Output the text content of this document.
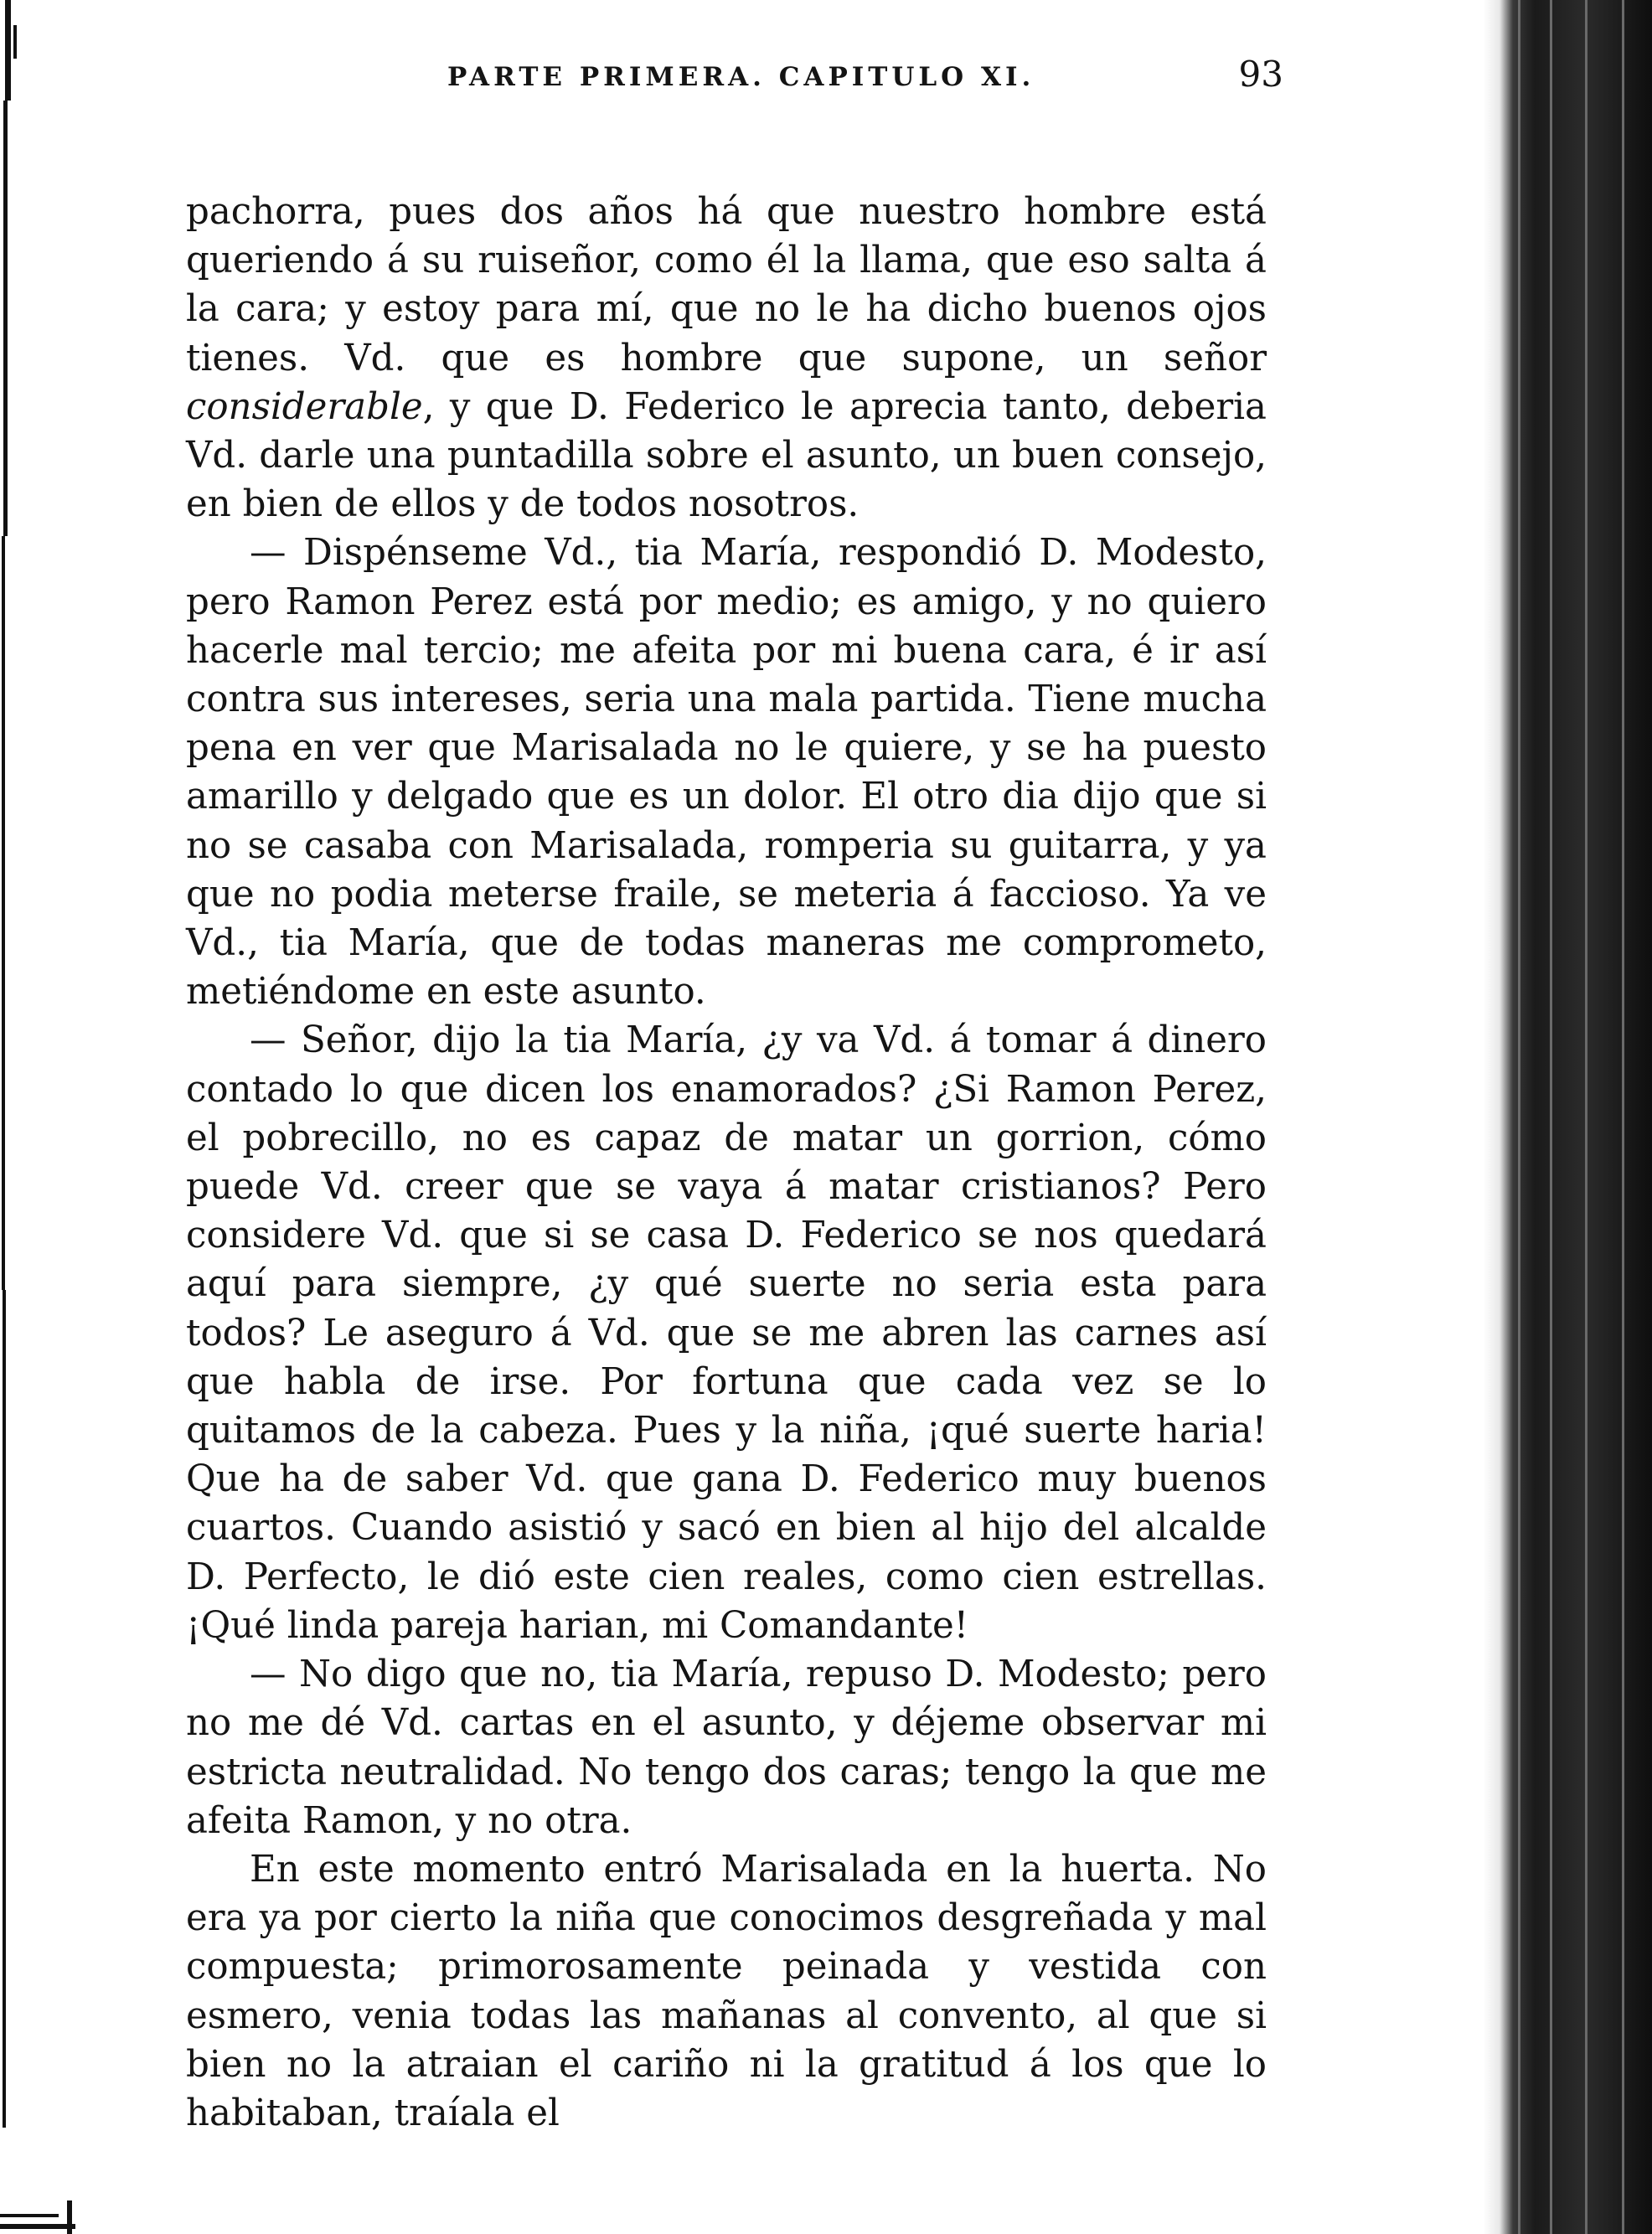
PARTE PRIMERA. CAPITULO XI.	93

pachorra, pues dos años há que nuestro hombre está queriendo á su ruiseñor, como él la llama, que eso salta á la cara; y estoy para mí, que no le ha dicho buenos ojos tienes. Vd. que es hombre que supone, un señor considerable, y que D. Federico le aprecia tanto, deberia Vd. darle una puntadilla sobre el asunto, un buen consejo, en bien de ellos y de todos nosotros.

— Dispénseme Vd., tia María, respondió D. Modesto, pero Ramon Perez está por medio; es amigo, y no quiero hacerle mal tercio; me afeita por mi buena cara, é ir así contra sus intereses, seria una mala partida. Tiene mucha pena en ver que Marisalada no le quiere, y se ha puesto amarillo y delgado que es un dolor. El otro dia dijo que si no se casaba con Marisalada, romperia su guitarra, y ya que no podia meterse fraile, se meteria á faccioso. Ya ve Vd., tia María, que de todas maneras me comprometo, metiéndome en este asunto.

— Señor, dijo la tia María, ¿y va Vd. á tomar á dinero contado lo que dicen los enamorados? ¿Si Ramon Perez, el pobrecillo, no es capaz de matar un gorrion, cómo puede Vd. creer que se vaya á matar cristianos? Pero considere Vd. que si se casa D. Federico se nos quedará aquí para siempre, ¿y qué suerte no seria esta para todos? Le aseguro á Vd. que se me abren las carnes así que habla de irse. Por fortuna que cada vez se lo quitamos de la cabeza. Pues y la niña, ¡qué suerte haria! Que ha de saber Vd. que gana D. Federico muy buenos cuartos. Cuando asistió y sacó en bien al hijo del alcalde D. Perfecto, le dió este cien reales, como cien estrellas. ¡Qué linda pareja harian, mi Comandante!

— No digo que no, tia María, repuso D. Modesto; pero no me dé Vd. cartas en el asunto, y déjeme observar mi estricta neutralidad. No tengo dos caras; tengo la que me afeita Ramon, y no otra.

En este momento entró Marisalada en la huerta. No era ya por cierto la niña que conocimos desgreñada y mal compuesta; primorosamente peinada y vestida con esmero, venia todas las mañanas al convento, al que si bien no la atraian el cariño ni la gratitud á los que lo habitaban, traíala el
